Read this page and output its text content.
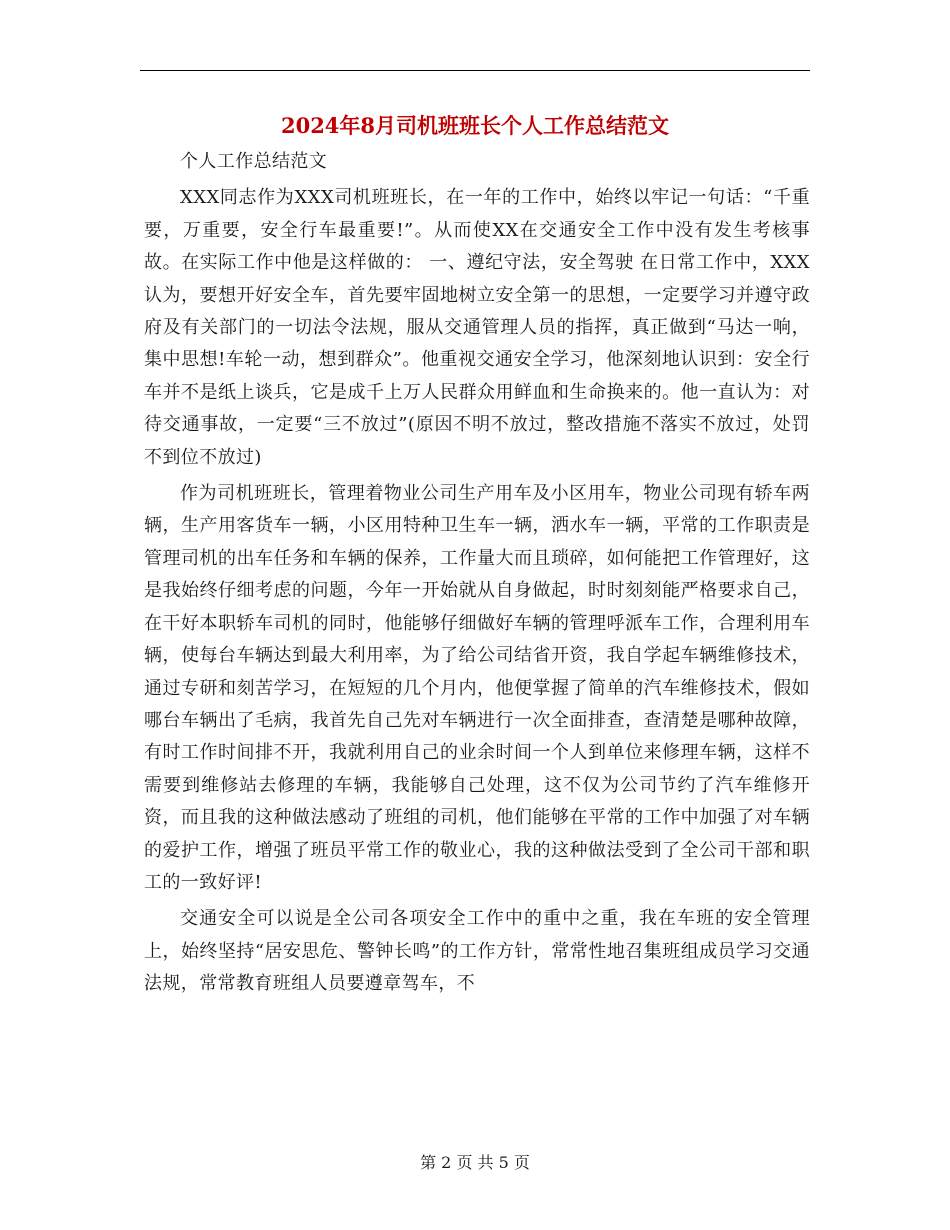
2024年8月司机班班长个人工作总结范文

个人工作总结范文

XXX同志作为XXX司机班班长，在一年的工作中，始终以牢记一句话：“千重要，万重要，安全行车最重要!”。从而使XX在交通安全工作中没有发生考核事故。在实际工作中他是这样做的： 一、遵纪守法，安全驾驶 在日常工作中，XXX认为，要想开好安全车，首先要牢固地树立安全第一的思想，一定要学习并遵守政府及有关部门的一切法令法规，服从交通管理人员的指挥，真正做到“马达一响，集中思想!车轮一动，想到群众”。他重视交通安全学习，他深刻地认识到：安全行车并不是纸上谈兵，它是成千上万人民群众用鲜血和生命换来的。他一直认为：对待交通事故，一定要“三不放过”(原因不明不放过，整改措施不落实不放过，处罚不到位不放过)

作为司机班班长，管理着物业公司生产用车及小区用车，物业公司现有轿车两辆，生产用客货车一辆，小区用特种卫生车一辆，洒水车一辆，平常的工作职责是管理司机的出车任务和车辆的保养，工作量大而且琐碎，如何能把工作管理好，这是我始终仔细考虑的问题，今年一开始就从自身做起，时时刻刻能严格要求自己，在干好本职轿车司机的同时，他能够仔细做好车辆的管理呼派车工作，合理利用车辆，使每台车辆达到最大利用率，为了给公司结省开资，我自学起车辆维修技术，通过专研和刻苦学习，在短短的几个月内，他便掌握了简单的汽车维修技术，假如哪台车辆出了毛病，我首先自己先对车辆进行一次全面排查，查清楚是哪种故障，有时工作时间排不开，我就利用自己的业余时间一个人到单位来修理车辆，这样不需要到维修站去修理的车辆，我能够自己处理，这不仅为公司节约了汽车维修开资，而且我的这种做法感动了班组的司机，他们能够在平常的工作中加强了对车辆的爱护工作，增强了班员平常工作的敬业心，我的这种做法受到了全公司干部和职工的一致好评!

交通安全可以说是全公司各项安全工作中的重中之重，我在车班的安全管理上，始终坚持“居安思危、警钟长鸣”的工作方针，常常性地召集班组成员学习交通法规，常常教育班组人员要遵章驾车，不

第 2 页 共 5 页
